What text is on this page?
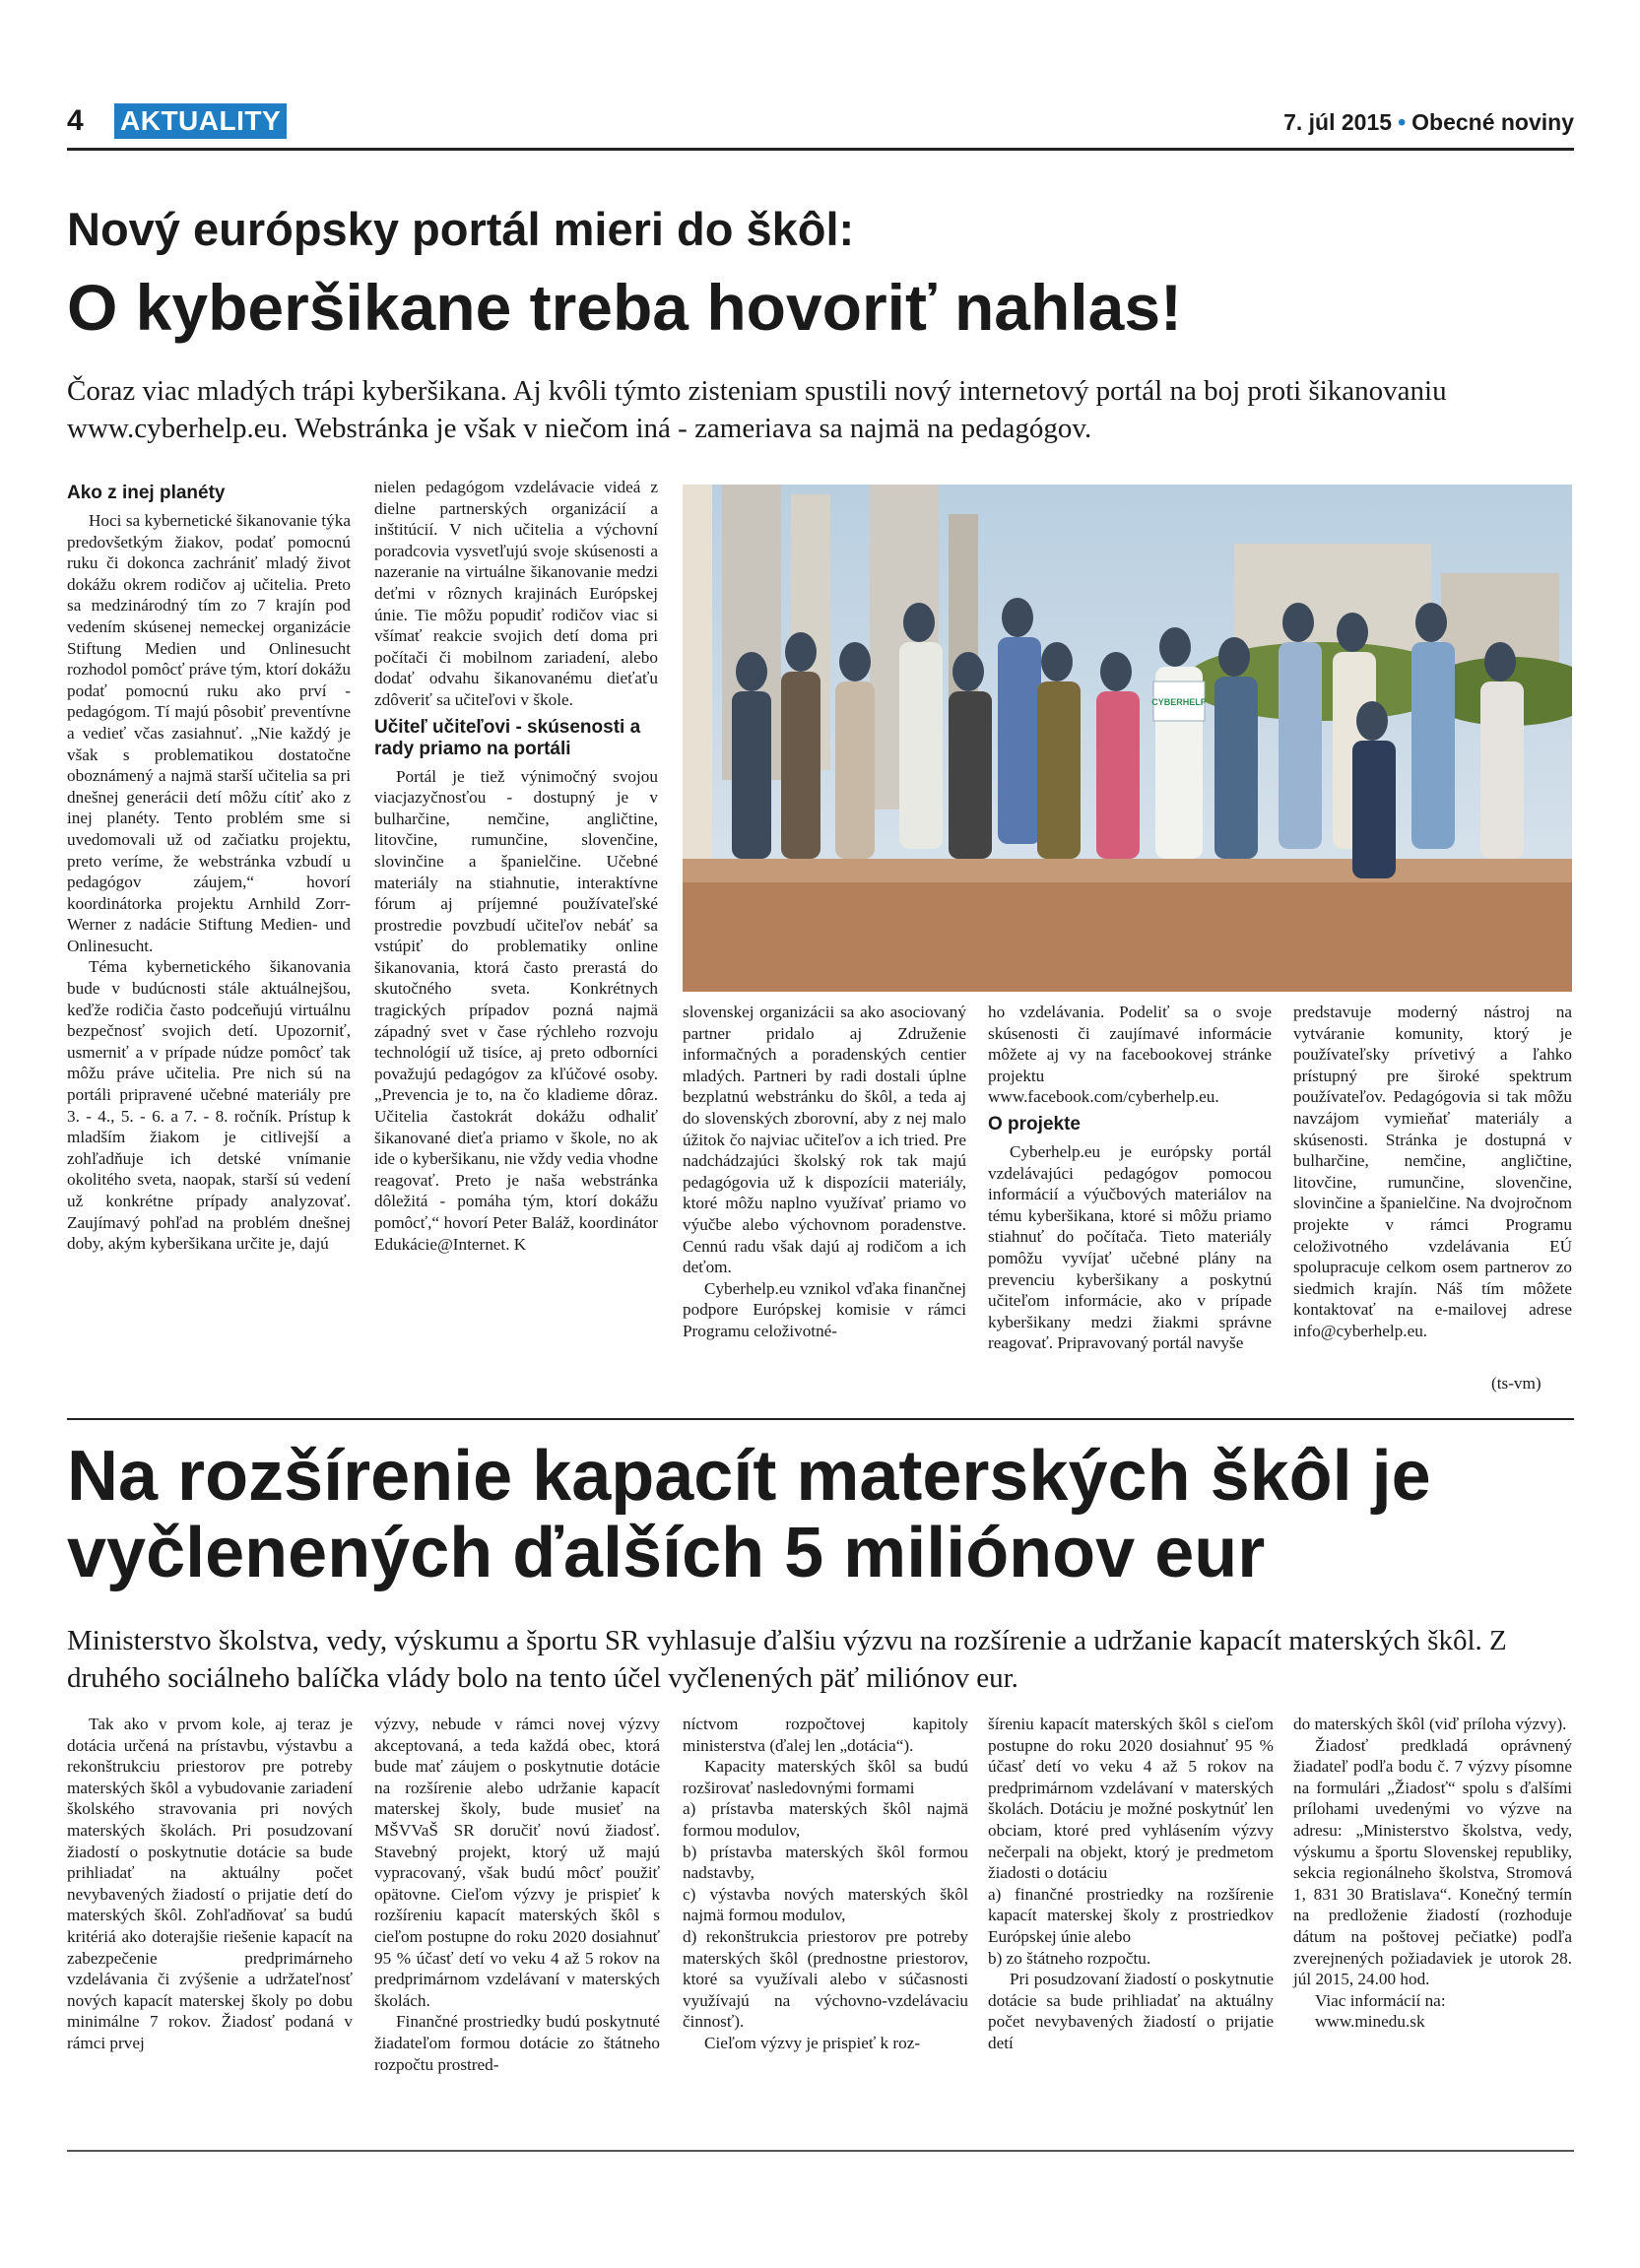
4 AKTUALITY	7. júl 2015 • Obecné noviny
Nový európsky portál mieri do škôl:
O kyberšikane treba hovoriť nahlas!
Čoraz viac mladých trápi kyberšikana. Aj kvôli týmto zisteniam spustili nový internetový portál na boj proti šikanovaniu www.cyberhelp.eu. Webstránka je však v niečom iná - zameriava sa najmä na pedagógov.
Ako z inej planéty

Hoci sa kybernetické šikanovanie týka predovšetkým žiakov, podať pomocnú ruku či dokonca zachrániť mladý život dokážu okrem rodičov aj učitelia. Preto sa medzinárodný tím zo 7 krajín pod vedením skúsenej nemeckej organizácie Stiftung Medien und Onlinesucht rozhodol pomôcť práve tým, ktorí dokážu podať pomocnú ruku ako prví - pedagógom. Tí majú pôsobiť preventívne a vedieť včas zasiahnuť. „Nie každý je však s problematikou dostatočne oboznámený a najmä starší učitelia sa pri dnešnej generácii detí môžu cítiť ako z inej planéty. Tento problém sme si uvedomovali už od začiatku projektu, preto veríme, že webstránka vzbudí u pedagógov záujem,“ hovorí koordinátorka projektu Arnhild Zorr-Werner z nadácie Stiftung Medien- und Onlinesucht.

Téma kybernetického šikanovania bude v budúcnosti stále aktuálnejšou, keďže rodičia často podceňujú virtuálnu bezpečnosť svojich detí. Upozorniť, usmerniť a v prípade núdze pomôcť tak môžu práve učitelia. Pre nich sú na portáli pripravené učebné materiály pre 3. - 4., 5. - 6. a 7. - 8. ročník. Prístup k mladším žiakom je citlivejší a zohľadňuje ich detské vnímanie okolitého sveta, naopak, starší sú vedení už konkrétne prípady analyzovať. Zaujímavý pohľad na problém dnešnej doby, akým kyberšikana určite je, dajú

nielen pedagógom vzdelávacie videá z dielne partnerských organizácií a inštitúcií. V nich učitelia a výchovní poradcovia vysvetľujú svoje skúsenosti a nazeranie na virtuálne šikanovanie medzi deťmi v rôznych krajinách Európskej únie. Tie môžu popudiť rodičov viac si všímať reakcie svojich detí doma pri počítači či mobilnom zariadení, alebo dodať odvahu šikanovanému dieťaťu zdôveriť sa učiteľovi v škole.

Učiteľ učiteľovi - skúsenosti a rady priamo na portáli

Portál je tiež výnimočný svojou viacjazyčnosťou - dostupný je v bulharčine, nemčine, angličtine, litovčine, rumunčine, slovenčine, slovinčine a španielčine. Učebné materiály na stiahnutie, interaktívne fórum aj príjemné používateľské prostredie povzbudí učiteľov nebáť sa vstúpiť do problematiky online šikanovania, ktorá často prerastá do skutočného sveta. Konkrétnych tragických prípadov pozná najmä západný svet v čase rýchleho rozvoju technológií už tisíce, aj preto odborníci považujú pedagógov za kľúčové osoby. „Prevencia je to, na čo kladieme dôraz. Učitelia častokrát dokážu odhaliť šikanované dieťa priamo v škole, no ak ide o kyberšikanu, nie vždy vedia vhodne reagovať. Preto je naša webstránka dôležitá - pomáha tým, ktorí dokážu pomôcť,“ hovorí Peter Baláž, koordinátor Edukácie@Internet. K

CYBERHELP

slovenskej organizácii sa ako asociovaný partner pridalo aj Združenie informačných a poradenských centier mladých. Partneri by radi dostali úplne bezplatnú webstránku do škôl, a teda aj do slovenských zborovní, aby z nej malo úžitok čo najviac učiteľov a ich tried. Pre nadchádzajúci školský rok tak majú pedagógovia už k dispozícii materiály, ktoré môžu naplno využívať priamo vo výučbe alebo výchovnom poradenstve. Cennú radu však dajú aj rodičom a ich deťom.

Cyberhelp.eu vznikol vďaka finančnej podpore Európskej komisie v rámci Programu celoživotné-

ho vzdelávania. Podeliť sa o svoje skúsenosti či zaujímavé informácie môžete aj vy na facebookovej stránke projektu www.facebook.com/cyberhelp.eu.

O projekte

Cyberhelp.eu je európsky portál vzdelávajúci pedagógov pomocou informácií a výučbových materiálov na tému kyberšikana, ktoré si môžu priamo stiahnuť do počítača. Tieto materiály pomôžu vyvíjať učebné plány na prevenciu kyberšikany a poskytnú učiteľom informácie, ako v prípade kyberšikany medzi žiakmi správne reagovať. Pripravovaný portál navyše

predstavuje moderný nástroj na vytváranie komunity, ktorý je používateľsky prívetivý a ľahko prístupný pre široké spektrum používateľov. Pedagógovia si tak môžu navzájom vymieňať materiály a skúsenosti. Stránka je dostupná v bulharčine, nemčine, angličtine, litovčine, rumunčine, slovenčine, slovinčine a španielčine. Na dvojročnom projekte v rámci Programu celoživotného vzdelávania EÚ spolupracuje celkom osem partnerov zo siedmich krajín. Náš tím môžete kontaktovať na e-mailovej adrese info@cyberhelp.eu.

(ts-vm)
Na rozšírenie kapacít materských škôl je vyčlenených ďalších 5 miliónov eur
Ministerstvo školstva, vedy, výskumu a športu SR vyhlasuje ďalšiu výzvu na rozšírenie a udržanie kapacít materských škôl. Z druhého sociálneho balíčka vlády bolo na tento účel vyčlenených päť miliónov eur.

Tak ako v prvom kole, aj teraz je dotácia určená na prístavbu, výstavbu a rekonštrukciu priestorov pre potreby materských škôl a vybudovanie zariadení školského stravovania pri nových materských školách. Pri posudzovaní žiadostí o poskytnutie dotácie sa bude prihliadať na aktuálny počet nevybavených žiadostí o prijatie detí do materských škôl. Zohľadňovať sa budú kritériá ako doterajšie riešenie kapacít na zabezpečenie predprimárneho vzdelávania či zvýšenie a udržateľnosť nových kapacít materskej školy po dobu minimálne 7 rokov. Žiadosť podaná v rámci prvej

výzvy, nebude v rámci novej výzvy akceptovaná, a teda každá obec, ktorá bude mať záujem o poskytnutie dotácie na rozšírenie alebo udržanie kapacít materskej školy, bude musieť na MŠVVaŠ SR doručiť novú žiadosť. Stavebný projekt, ktorý už majú vypracovaný, však budú môcť použiť opätovne. Cieľom výzvy je prispieť k rozšíreniu kapacít materských škôl s cieľom postupne do roku 2020 dosiahnuť 95 % účasť detí vo veku 4 až 5 rokov na predprimárnom vzdelávaní v materských školách.

Finančné prostriedky budú poskytnuté žiadateľom formou dotácie zo štátneho rozpočtu prostred-

níctvom rozpočtovej kapitoly ministerstva (ďalej len „dotácia“).

Kapacity materských škôl sa budú rozširovať nasledovnými formami

a) prístavba materských škôl najmä formou modulov,

b) prístavba materských škôl formou nadstavby,

c) výstavba nových materských škôl najmä formou modulov,

d) rekonštrukcia priestorov pre potreby materských škôl (prednostne priestorov, ktoré sa využívali alebo v súčasnosti využívajú na výchovno-vzdelávaciu činnosť).

Cieľom výzvy je prispieť k roz-

šíreniu kapacít materských škôl s cieľom postupne do roku 2020 dosiahnuť 95 % účasť detí vo veku 4 až 5 rokov na predprimárnom vzdelávaní v materských školách. Dotáciu je možné poskytnúť len obciam, ktoré pred vyhlásením výzvy nečerpali na objekt, ktorý je predmetom žiadosti o dotáciu

a) finančné prostriedky na rozšírenie kapacít materskej školy z prostriedkov Európskej únie alebo

b) zo štátneho rozpočtu.

Pri posudzovaní žiadostí o poskytnutie dotácie sa bude prihliadať na aktuálny počet nevybavených žiadostí o prijatie detí

do materských škôl (viď príloha výzvy).

Žiadosť predkladá oprávnený žiadateľ podľa bodu č. 7 výzvy písomne na formulári „Žiadosť“ spolu s ďalšími prílohami uvedenými vo výzve na adresu: „Ministerstvo školstva, vedy, výskumu a športu Slovenskej republiky, sekcia regionálneho školstva, Stromová 1, 831 30 Bratislava“. Konečný termín na predloženie žiadostí (rozhoduje dátum na poštovej pečiatke) podľa zverejnených požiadaviek je utorok 28. júl 2015, 24.00 hod.

Viac informácií na:

www.minedu.sk
